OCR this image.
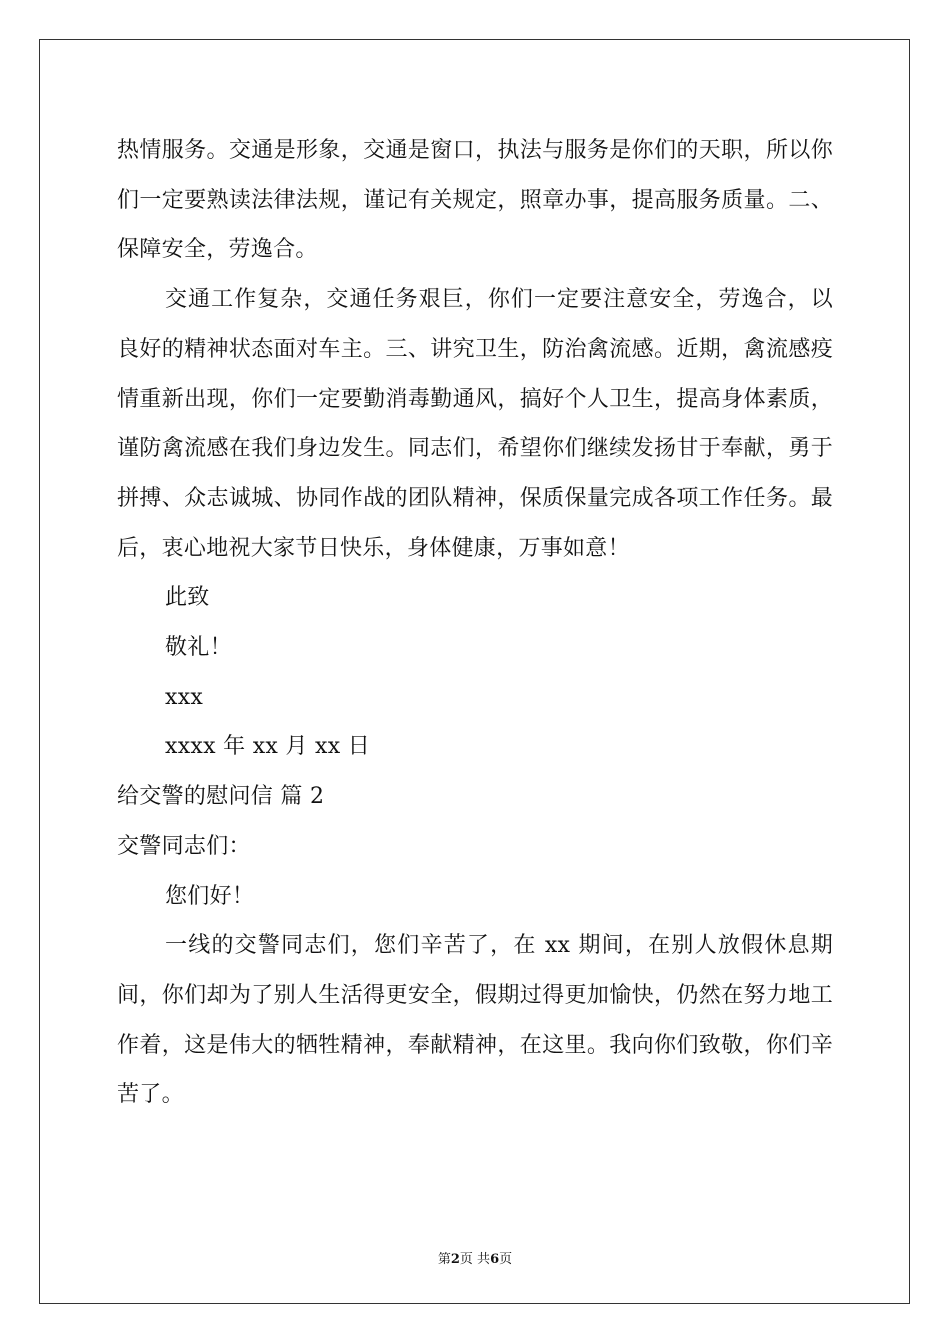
热情服务。交通是形象，交通是窗口，执法与服务是你们的天职，所以你们一定要熟读法律法规，谨记有关规定，照章办事，提高服务质量。二、保障安全，劳逸合。

交通工作复杂，交通任务艰巨，你们一定要注意安全，劳逸合，以良好的精神状态面对车主。三、讲究卫生，防治禽流感。近期，禽流感疫情重新出现，你们一定要勤消毒勤通风，搞好个人卫生，提高身体素质，谨防禽流感在我们身边发生。同志们，希望你们继续发扬甘于奉献，勇于拼搏、众志诚城、协同作战的团队精神，保质保量完成各项工作任务。最后，衷心地祝大家节日快乐，身体健康，万事如意！

此致

敬礼！

xxx

xxxx 年 xx 月 xx 日

给交警的慰问信 篇 2

交警同志们：

您们好！

一线的交警同志们，您们辛苦了，在 xx 期间，在别人放假休息期间，你们却为了别人生活得更安全，假期过得更加愉快，仍然在努力地工作着，这是伟大的牺牲精神，奉献精神，在这里。我向你们致敬，你们辛苦了。

第2页 共6页
